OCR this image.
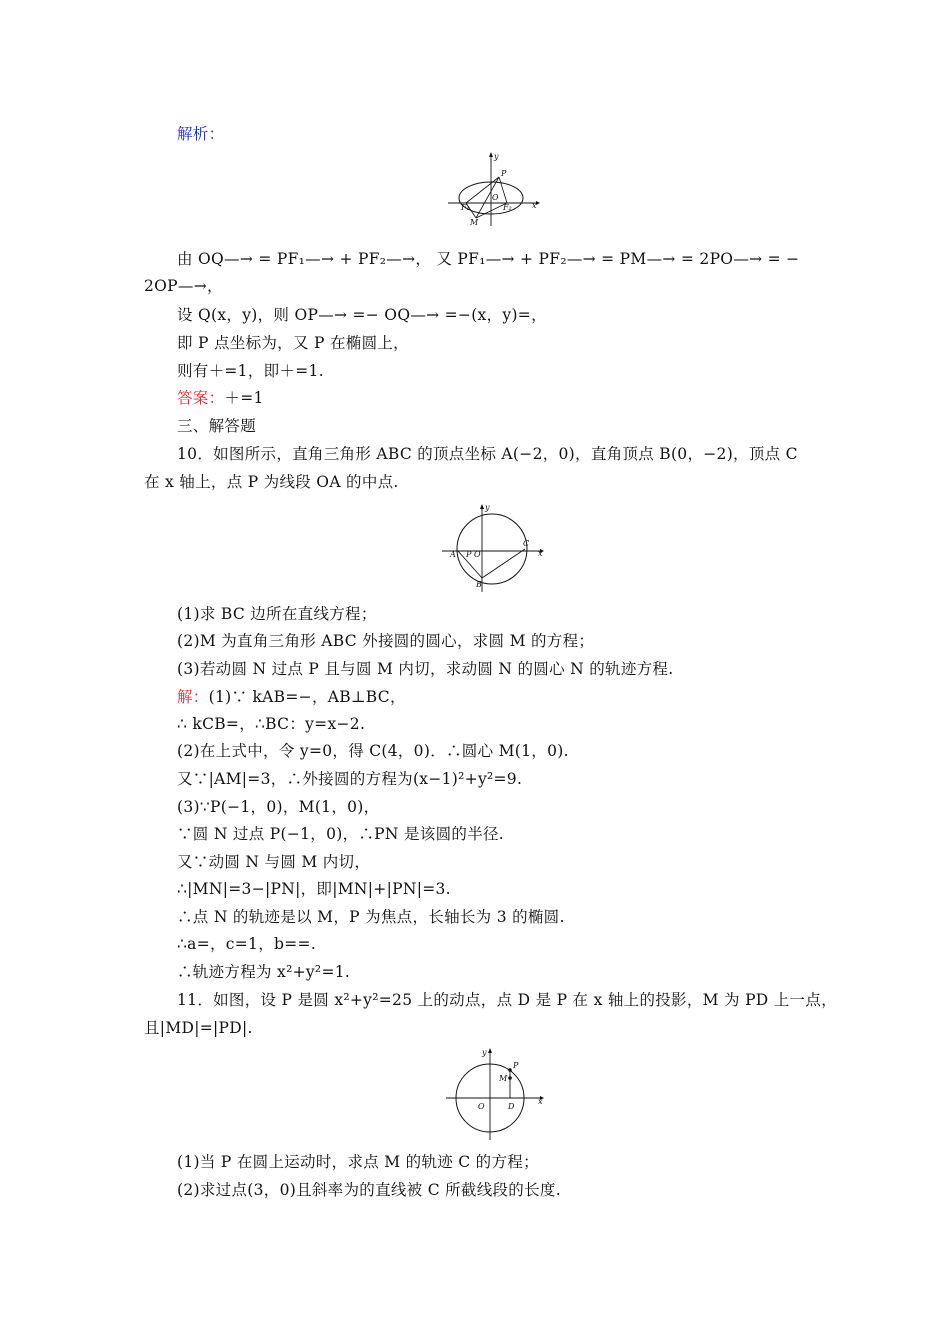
解析：
y
x
P
O
F₁	F₂
M
由 OQ—→ = PF₁—→ + PF₂—→， 又 PF₁—→ + PF₂—→ = PM—→ = 2PO—→ = −
2OP—→，
设 Q(x，y)，则 OP—→ =− OQ—→ =−(x，y)=，
即 P 点坐标为，又 P 在椭圆上，
则有＋=1，即＋=1.
答案：＋=1
三、解答题
10．如图所示，直角三角形 ABC 的顶点坐标 A(−2，0)，直角顶点 B(0，−2)，顶点 C
在 x 轴上，点 P 为线段 OA 的中点.
y
x
A P O
C
B
(1)求 BC 边所在直线方程；
(2)M 为直角三角形 ABC 外接圆的圆心，求圆 M 的方程；
(3)若动圆 N 过点 P 且与圆 M 内切，求动圆 N 的圆心 N 的轨迹方程.
解：(1)∵ kAB=−，AB⊥BC，
∴ kCB=，∴BC：y=x−2.
(2)在上式中，令 y=0，得 C(4，0)．∴圆心 M(1，0).
又∵|AM|=3，∴外接圆的方程为(x−1)²+y²=9.
(3)∵P(−1，0)，M(1，0)，
∵圆 N 过点 P(−1，0)，∴PN 是该圆的半径.
又∵动圆 N 与圆 M 内切，
∴|MN|=3−|PN|，即|MN|+|PN|=3.
∴点 N 的轨迹是以 M，P 为焦点，长轴长为 3 的椭圆.
∴a=，c=1，b==.
∴轨迹方程为 x²+y²=1.
11．如图，设 P 是圆 x²+y²=25 上的动点，点 D 是 P 在 x 轴上的投影，M 为 PD 上一点，
且|MD|=|PD|.
y
x
P
M
O	D
(1)当 P 在圆上运动时，求点 M 的轨迹 C 的方程；
(2)求过点(3，0)且斜率为的直线被 C 所截线段的长度.
